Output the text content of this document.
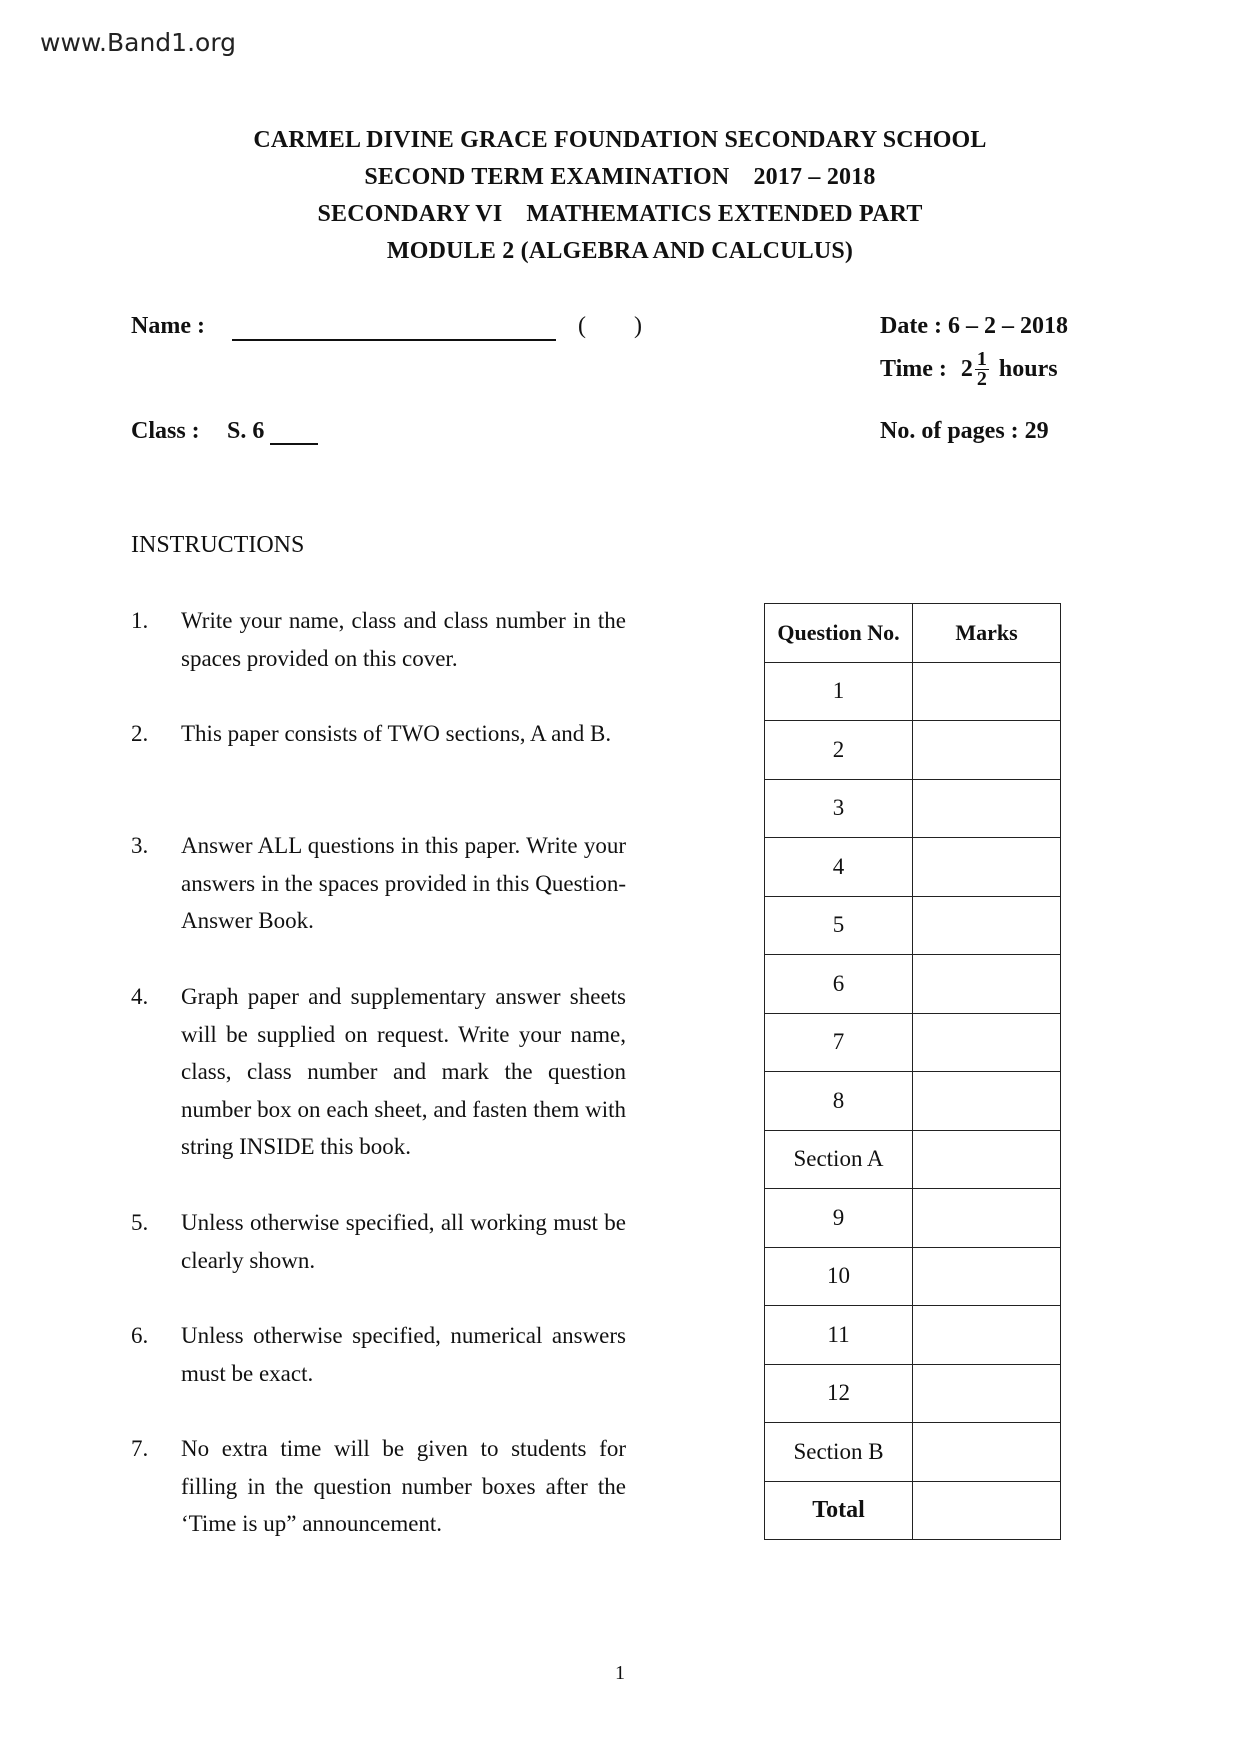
www.Band1.org
CARMEL DIVINE GRACE FOUNDATION SECONDARY SCHOOL
SECOND TERM EXAMINATION 2017 – 2018
SECONDARY VI MATHEMATICS EXTENDED PART
MODULE 2 (ALGEBRA AND CALCULUS)
Name :	(        )	Date : 6 – 2 – 2018
Time : $2 \frac{1}{2}$ hours
Class : S. 6	No. of pages : 29
INSTRUCTIONS
1. Write your name, class and class number in the spaces provided on this cover.
2. This paper consists of TWO sections, A and B.
3. Answer ALL questions in this paper. Write your answers in the spaces provided in this Question-Answer Book.
4. Graph paper and supplementary answer sheets will be supplied on request. Write your name, class, class number and mark the question number box on each sheet, and fasten them with string INSIDE this book.
5. Unless otherwise specified, all working must be clearly shown.
6. Unless otherwise specified, numerical answers must be exact.
7. No extra time will be given to students for filling in the question number boxes after the ‘Time is up” announcement.
Question No.	Marks
1	
2	
3	
4	
5	
6	
7	
8	
Section A	
9	
10	
11	
12	
Section B	
Total	
1
